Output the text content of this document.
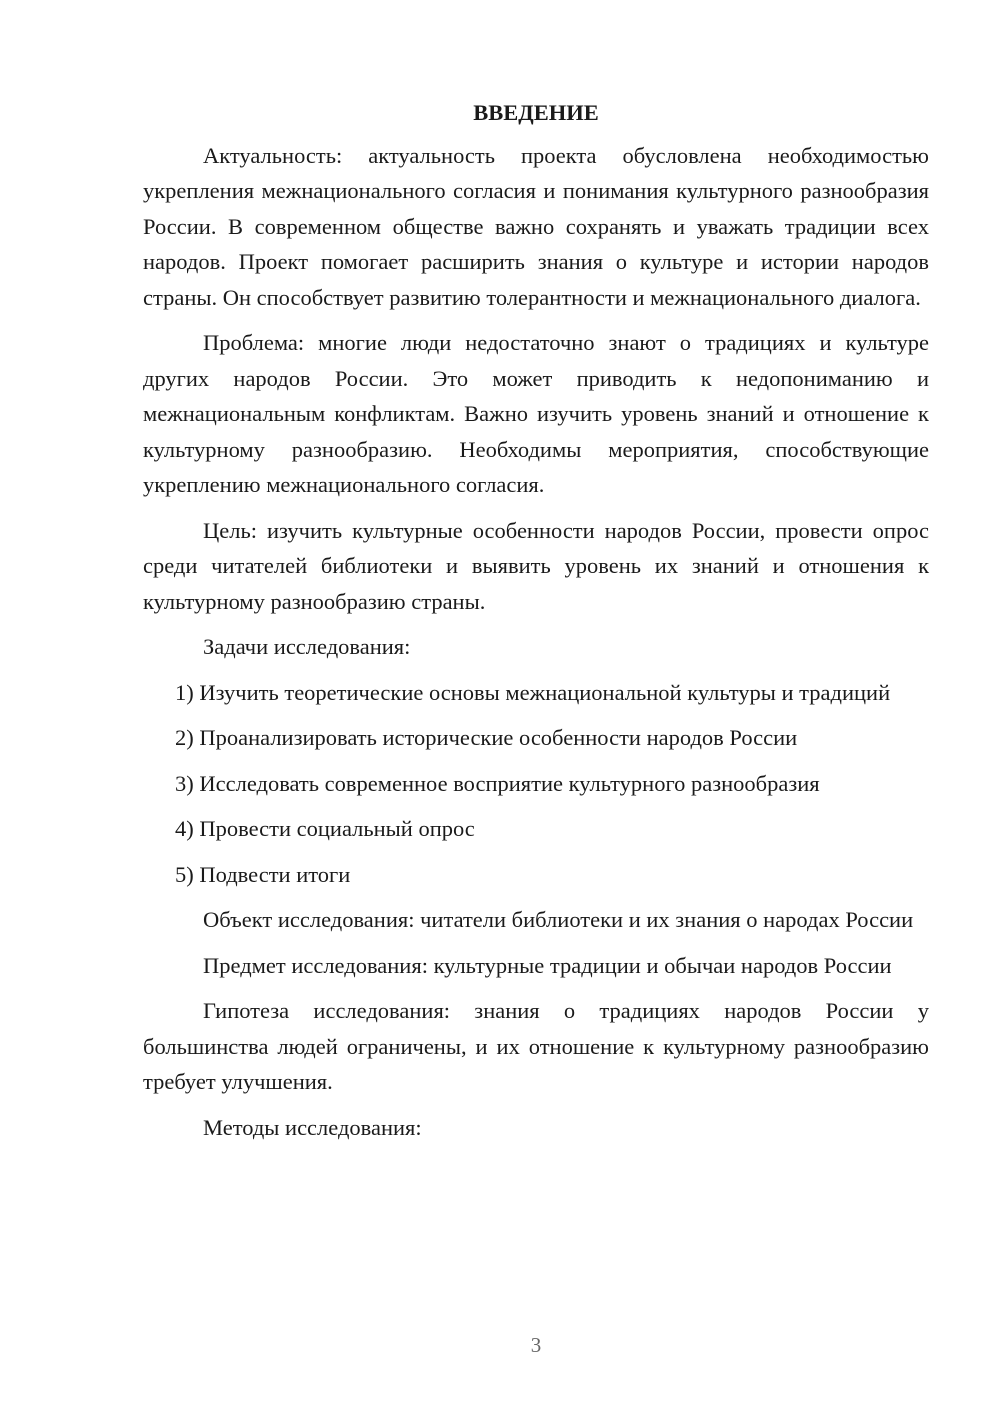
ВВЕДЕНИЕ

Актуальность: актуальность проекта обусловлена необходимостью укрепления межнационального согласия и понимания культурного разнообразия России. В современном обществе важно сохранять и уважать традиции всех народов. Проект помогает расширить знания о культуре и истории народов страны. Он способствует развитию толерантности и межнационального диалога.

Проблема: многие люди недостаточно знают о традициях и культуре других народов России. Это может приводить к недопониманию и межнациональным конфликтам. Важно изучить уровень знаний и отношение к культурному разнообразию. Необходимы мероприятия, способствующие укреплению межнационального согласия.

Цель: изучить культурные особенности народов России, провести опрос среди читателей библиотеки и выявить уровень их знаний и отношения к культурному разнообразию страны.

Задачи исследования:

1) Изучить теоретические основы межнациональной культуры и традиций

2) Проанализировать исторические особенности народов России

3) Исследовать современное восприятие культурного разнообразия

4) Провести социальный опрос

5) Подвести итоги

Объект исследования: читатели библиотеки и их знания о народах России

Предмет исследования: культурные традиции и обычаи народов России

Гипотеза исследования: знания о традициях народов России у большинства людей ограничены, и их отношение к культурному разнообразию требует улучшения.

Методы исследования:

3
